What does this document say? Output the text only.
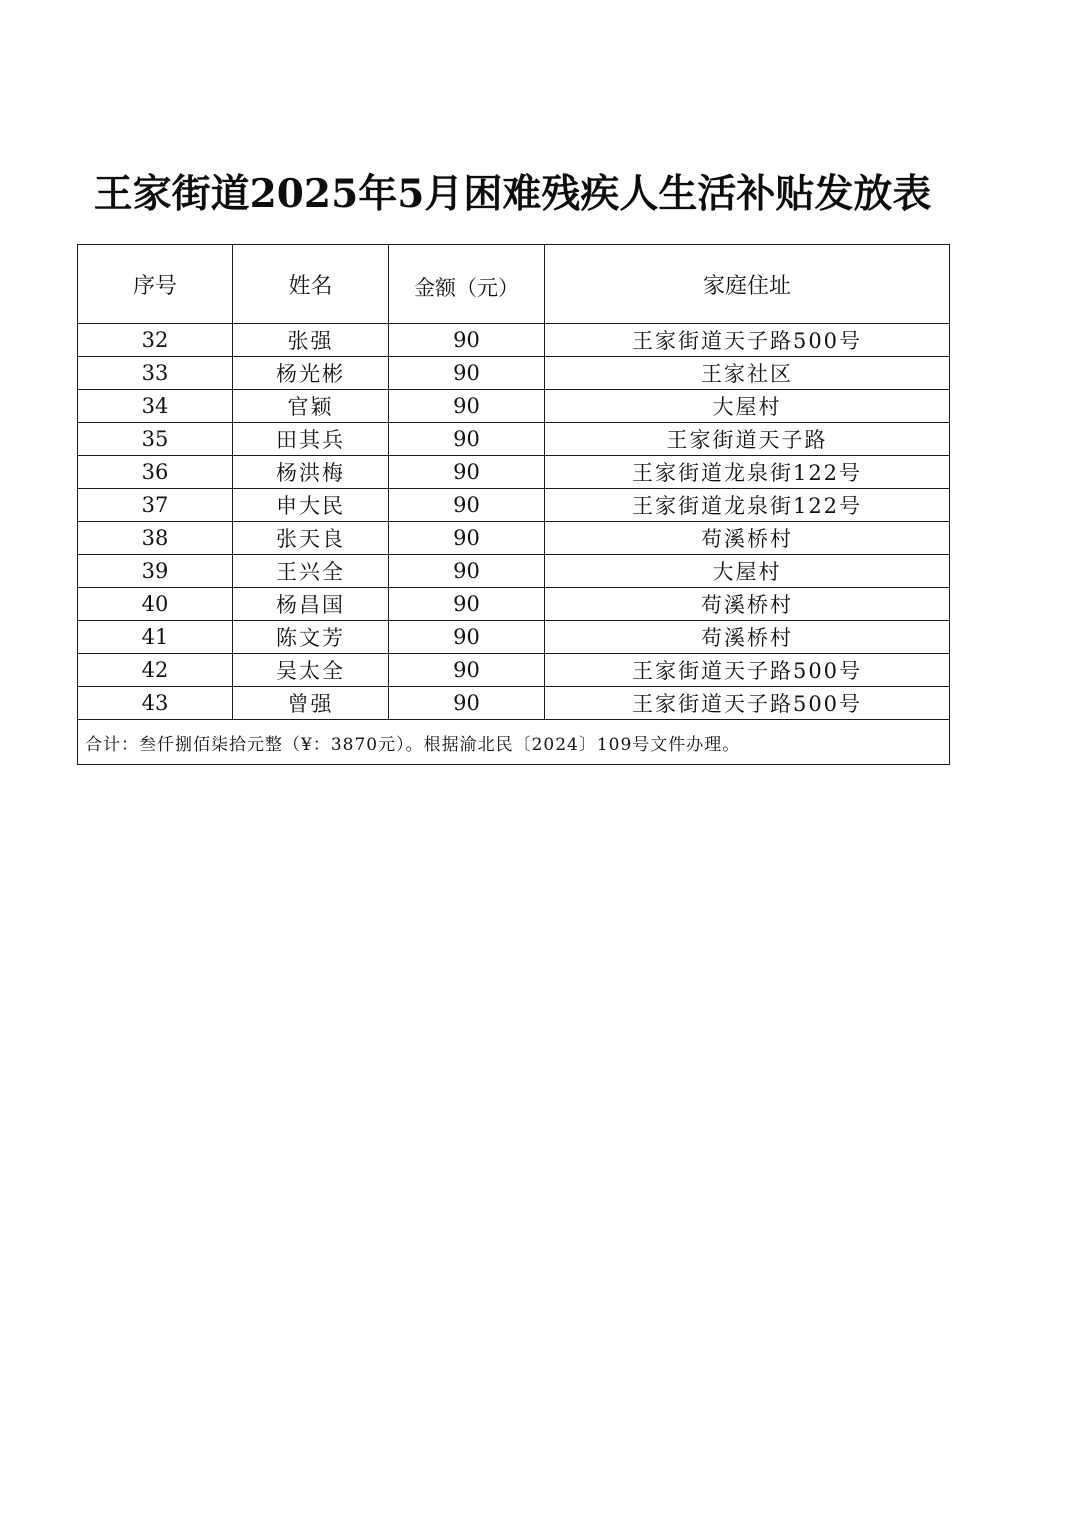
王家街道2025年5月困难残疾人生活补贴发放表
序号	姓名	金额（元）	家庭住址
32	张强	90	王家街道天子路500号
33	杨光彬	90	王家社区
34	官颖	90	大屋村
35	田其兵	90	王家街道天子路
36	杨洪梅	90	王家街道龙泉街122号
37	申大民	90	王家街道龙泉街122号
38	张天良	90	苟溪桥村
39	王兴全	90	大屋村
40	杨昌国	90	苟溪桥村
41	陈文芳	90	苟溪桥村
42	吴太全	90	王家街道天子路500号
43	曾强	90	王家街道天子路500号
合计：叁仟捌佰柒拾元整（¥：3870元）。根据渝北民〔2024〕109号文件办理。			
